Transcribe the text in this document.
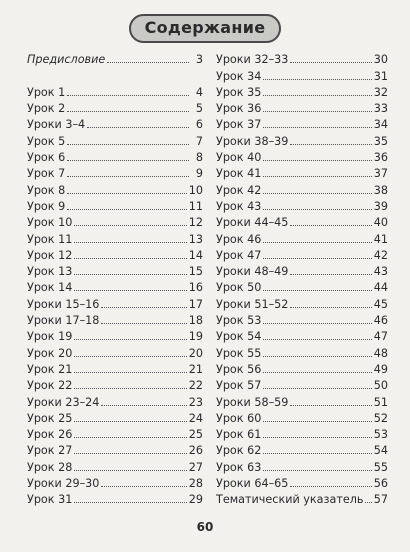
Содержание
Предисловие	3
Урок 1	4
Урок 2	5
Уроки 3–4	6
Урок 5	7
Урок 6	8
Урок 7	9
Урок 8	10
Урок 9	11
Урок 10	12
Урок 11	13
Урок 12	14
Урок 13	15
Урок 14	16
Уроки 15–16	17
Уроки 17–18	18
Урок 19	19
Урок 20	20
Урок 21	21
Урок 22	22
Уроки 23–24	23
Урок 25	24
Урок 26	25
Урок 27	26
Урок 28	27
Уроки 29–30	28
Урок 31	29
Уроки 32–33	30
Урок 34	31
Урок 35	32
Урок 36	33
Урок 37	34
Уроки 38–39	35
Урок 40	36
Урок 41	37
Урок 42	38
Урок 43	39
Уроки 44–45	40
Урок 46	41
Урок 47	42
Уроки 48–49	43
Урок 50	44
Уроки 51–52	45
Урок 53	46
Урок 54	47
Урок 55	48
Урок 56	49
Урок 57	50
Уроки 58–59	51
Урок 60	52
Урок 61	53
Урок 62	54
Урок 63	55
Уроки 64–65	56
Тематический указатель 57
60
